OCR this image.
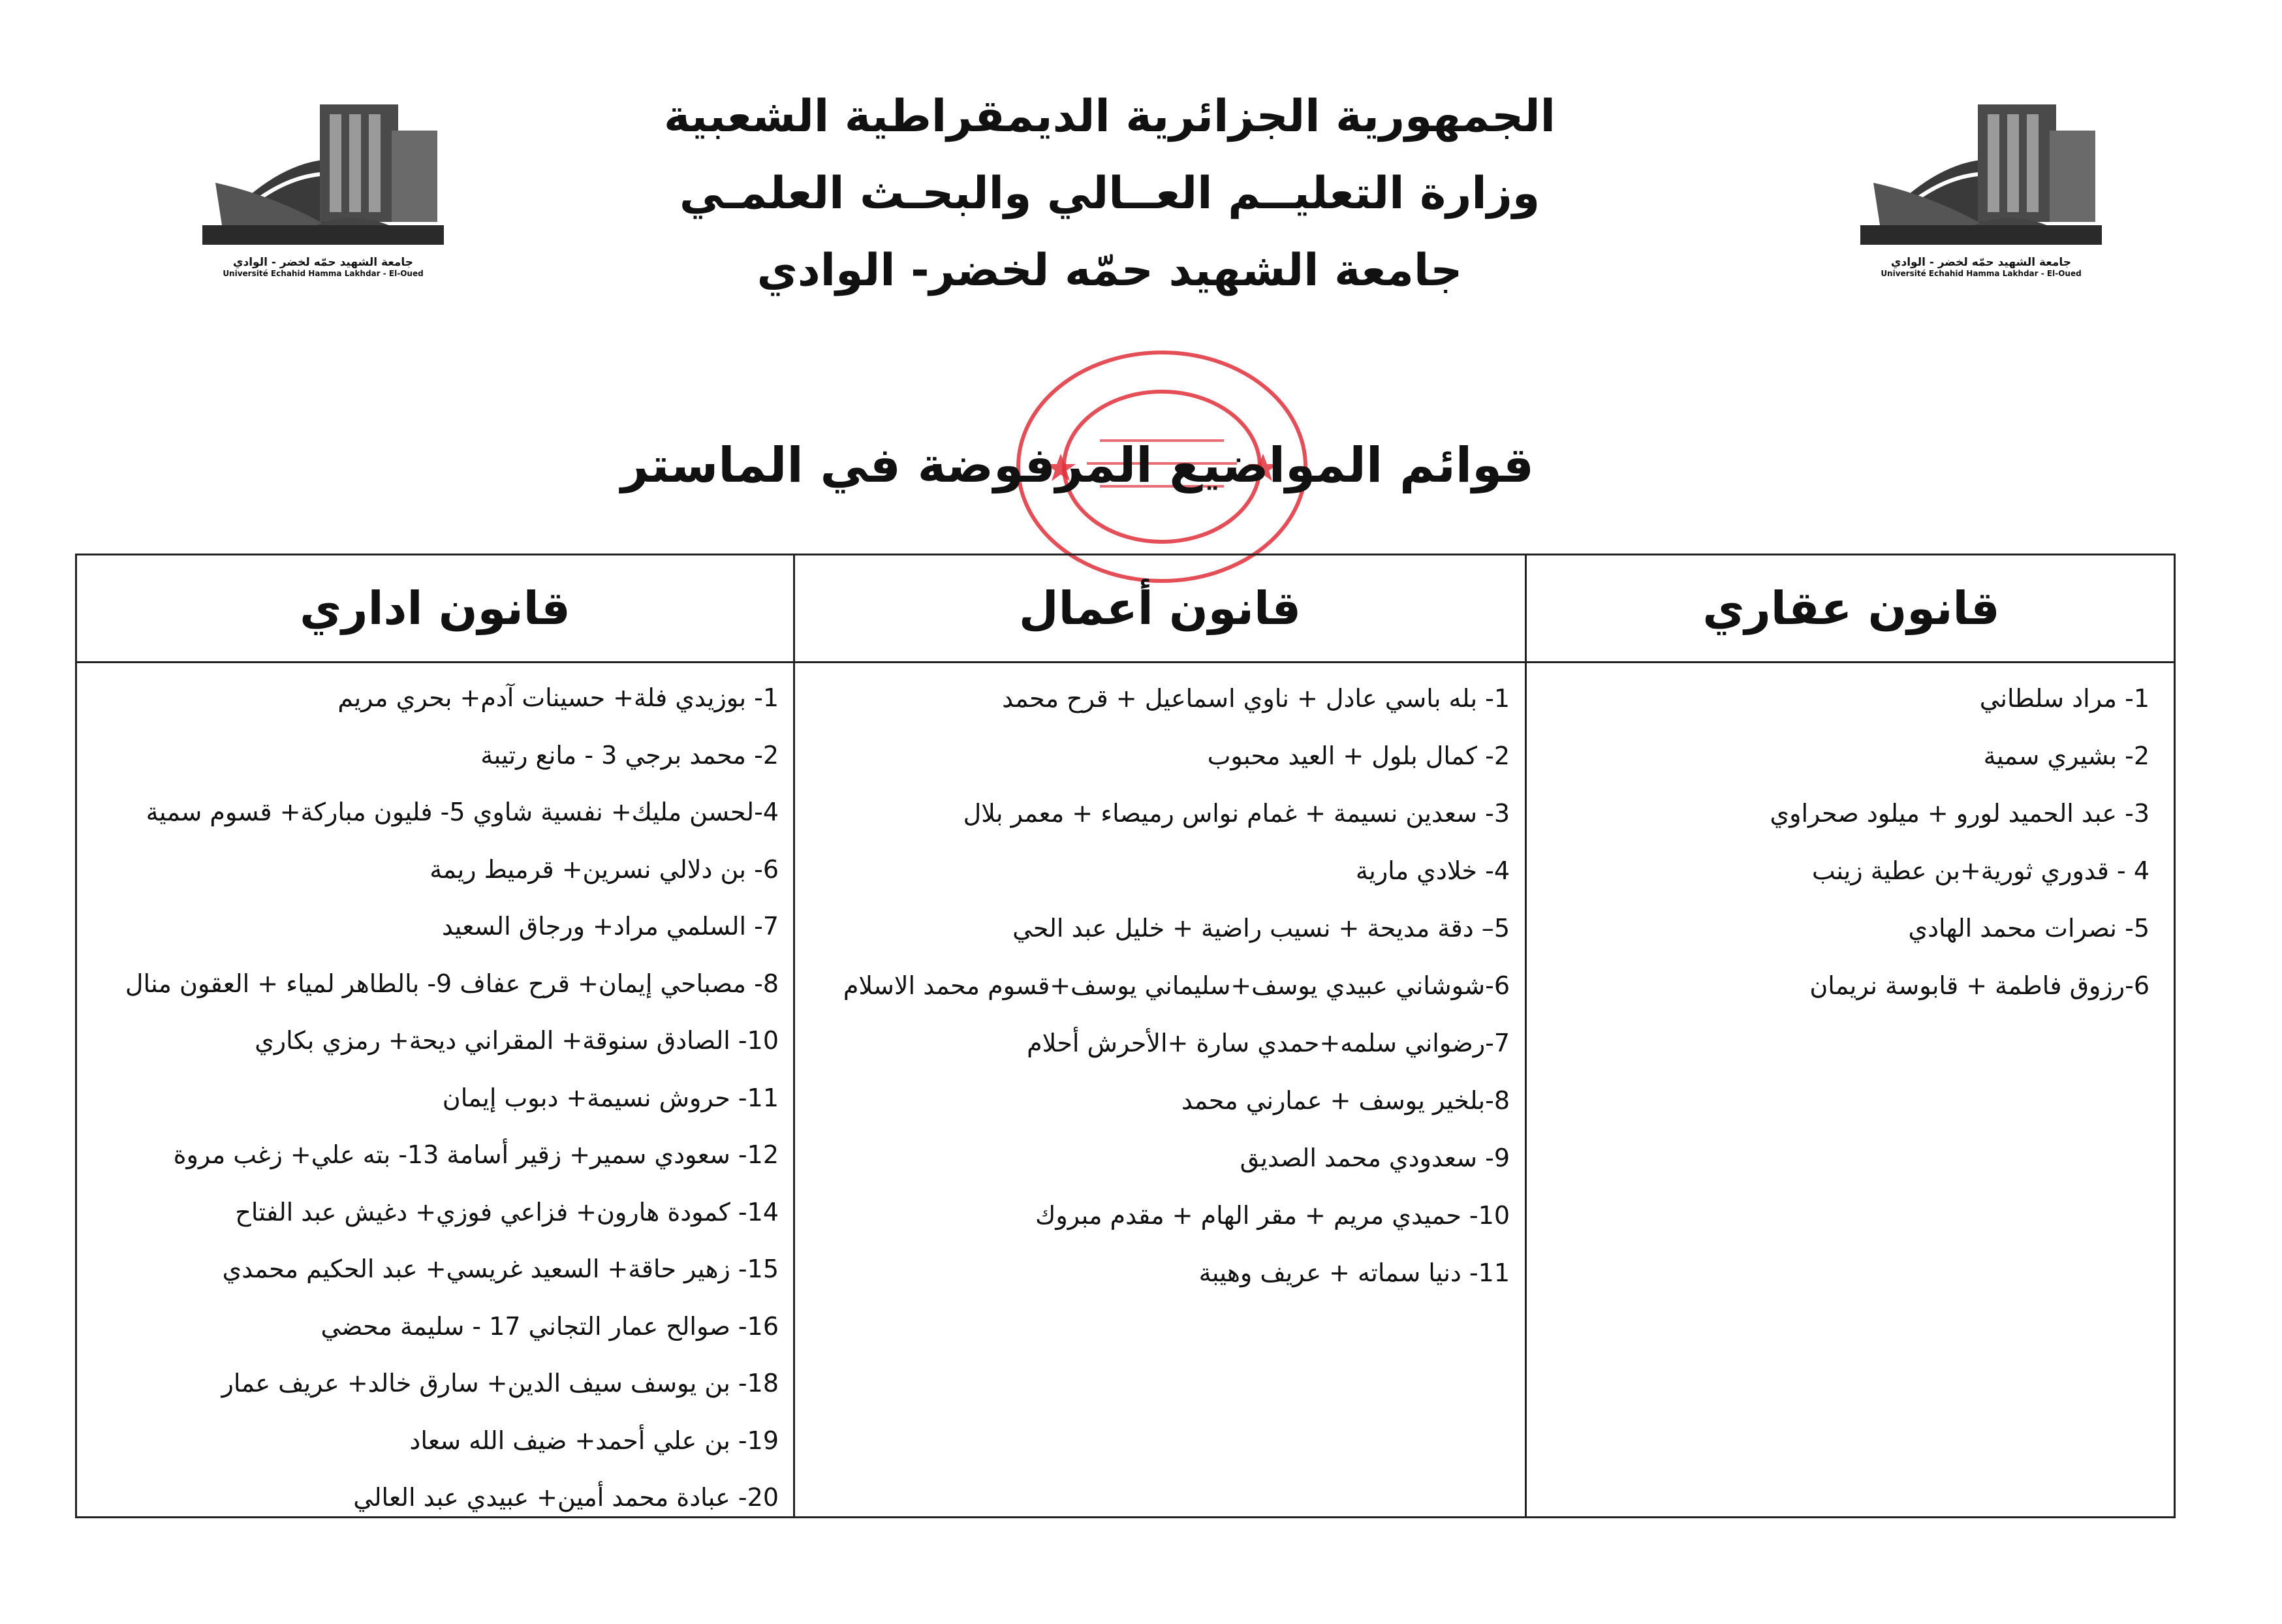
جامعة الشهيد حمّه لخضر - الوادي
Université Echahid Hamma Lakhdar - El-Oued
جامعة الشهيد حمّه لخضر - الوادي
Université Echahid Hamma Lakhdar - El-Oued
الجمهورية الجزائرية الديمقراطية الشعبية
وزارة التعليــم العــالي والبحـث العلمـي
جامعة الشهيد حمّه لخضر- الوادي
قوائم المواضيع المرفوضة في الماستر
قانون عقاري
قانون أعمال
قانون اداري
1- مراد سلطاني
2- بشيري سمية
3- عبد الحميد لورو + ميلود صحراوي
4 - قدوري ثورية+بن عطية زينب
5- نصرات محمد الهادي
6-رزوق فاطمة + قابوسة نريمان
1- بله باسي عادل + ناوي اسماعيل + قرح محمد
2- كمال بلول + العيد محبوب
3- سعدين نسيمة + غمام نواس رميصاء + معمر بلال
4- خلادي مارية
5– دقة مديحة + نسيب راضية + خليل عبد الحي
6-شوشاني عبيدي يوسف+سليماني يوسف+قسوم محمد الاسلام
7-رضواني سلمه+حمدي سارة +الأحرش أحلام
8-بلخير يوسف + عمارني محمد
9- سعدودي محمد الصديق
10- حميدي مريم + مقر الهام + مقدم مبروك
11- دنيا سماته + عريف وهيبة
1- بوزيدي فلة+ حسينات آدم+ بحري مريم
2- محمد برجي 3 - مانع رتيبة
4-لحسن مليك+ نفسية شاوي 5- فليون مباركة+ قسوم سمية
6- بن دلالي نسرين+ قرميط ريمة
7- السلمي مراد+ ورجاق السعيد
8- مصباحي إيمان+ قرح عفاف 9- بالطاهر لمياء + العقون منال
10- الصادق سنوقة+ المقراني ديحة+ رمزي بكاري
11- حروش نسيمة+ دبوب إيمان
12- سعودي سمير+ زقير أسامة 13- بته علي+ زغب مروة
14- كمودة هارون+ فزاعي فوزي+ دغيش عبد الفتاح
15- زهير حاقة+ السعيد غريسي+ عبد الحكيم محمدي
16- صوالح عمار التجاني 17 - سليمة محضي
18- بن يوسف سيف الدين+ سارق خالد+ عريف عمار
19- بن علي أحمد+ ضيف الله سعاد
20- عبادة محمد أمين+ عبيدي عبد العالي
